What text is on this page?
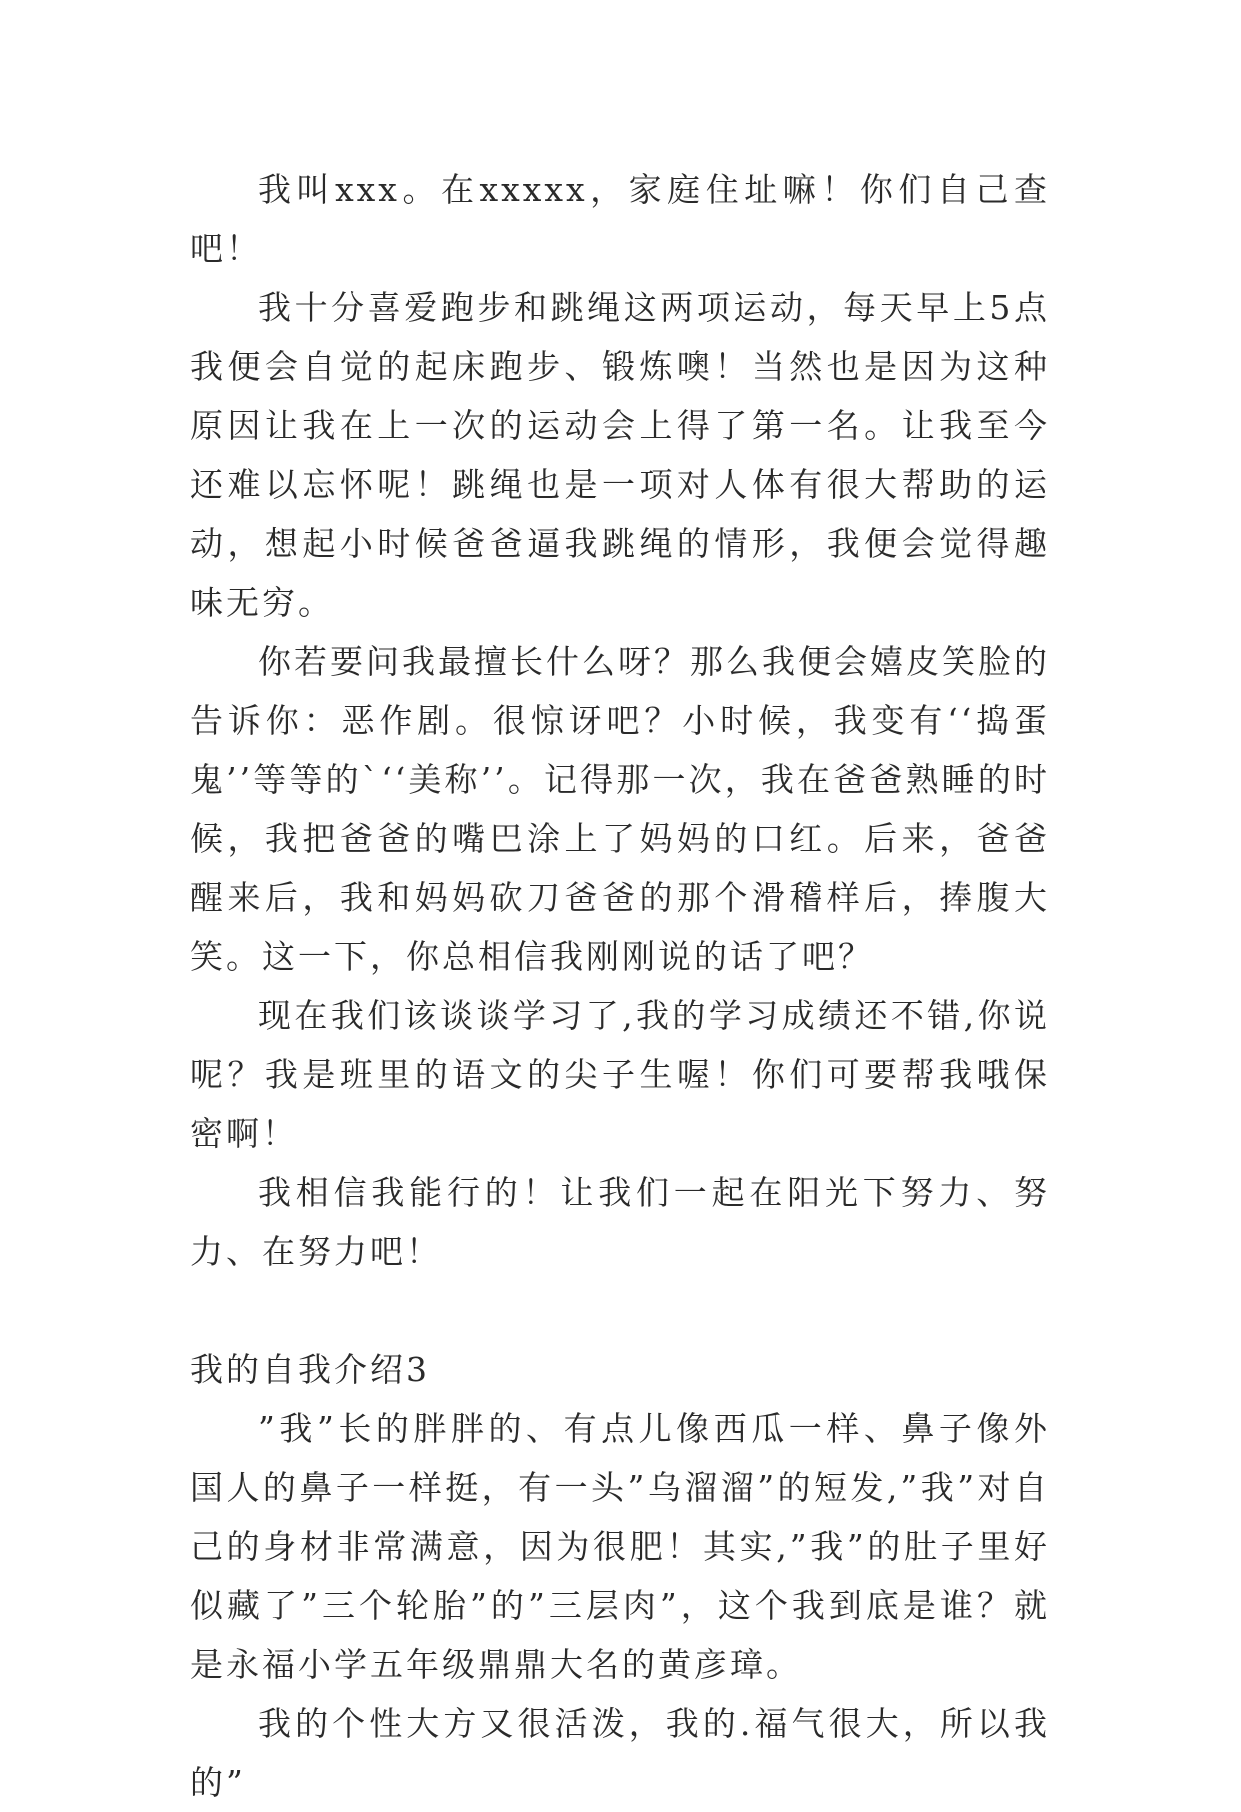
我叫xxx。在xxxxx，家庭住址嘛！你们自己查吧！

我十分喜爱跑步和跳绳这两项运动，每天早上5点我便会自觉的起床跑步、锻炼噢！当然也是因为这种原因让我在上一次的运动会上得了第一名。让我至今还难以忘怀呢！跳绳也是一项对人体有很大帮助的运动，想起小时候爸爸逼我跳绳的情形，我便会觉得趣味无穷。

你若要问我最擅长什么呀？那么我便会嬉皮笑脸的告诉你：恶作剧。很惊讶吧？小时候，我变有‘‘捣蛋鬼’’等等的`‘‘美称’’。记得那一次，我在爸爸熟睡的时候，我把爸爸的嘴巴涂上了妈妈的口红。后来，爸爸醒来后，我和妈妈砍刀爸爸的那个滑稽样后，捧腹大笑。这一下，你总相信我刚刚说的话了吧？

现在我们该谈谈学习了,我的学习成绩还不错,你说呢？我是班里的语文的尖子生喔！你们可要帮我哦保密啊！

我相信我能行的！让我们一起在阳光下努力、努力、在努力吧！

我的自我介绍3

”我”长的胖胖的、有点儿像西瓜一样、鼻子像外国人的鼻子一样挺，有一头”乌溜溜”的短发,”我”对自己的身材非常满意，因为很肥！其实,”我”的肚子里好似藏了”三个轮胎”的”三层肉”，这个我到底是谁？就是永福小学五年级鼎鼎大名的黄彦璋。

我的个性大方又很活泼，我的.福气很大，所以我的”
